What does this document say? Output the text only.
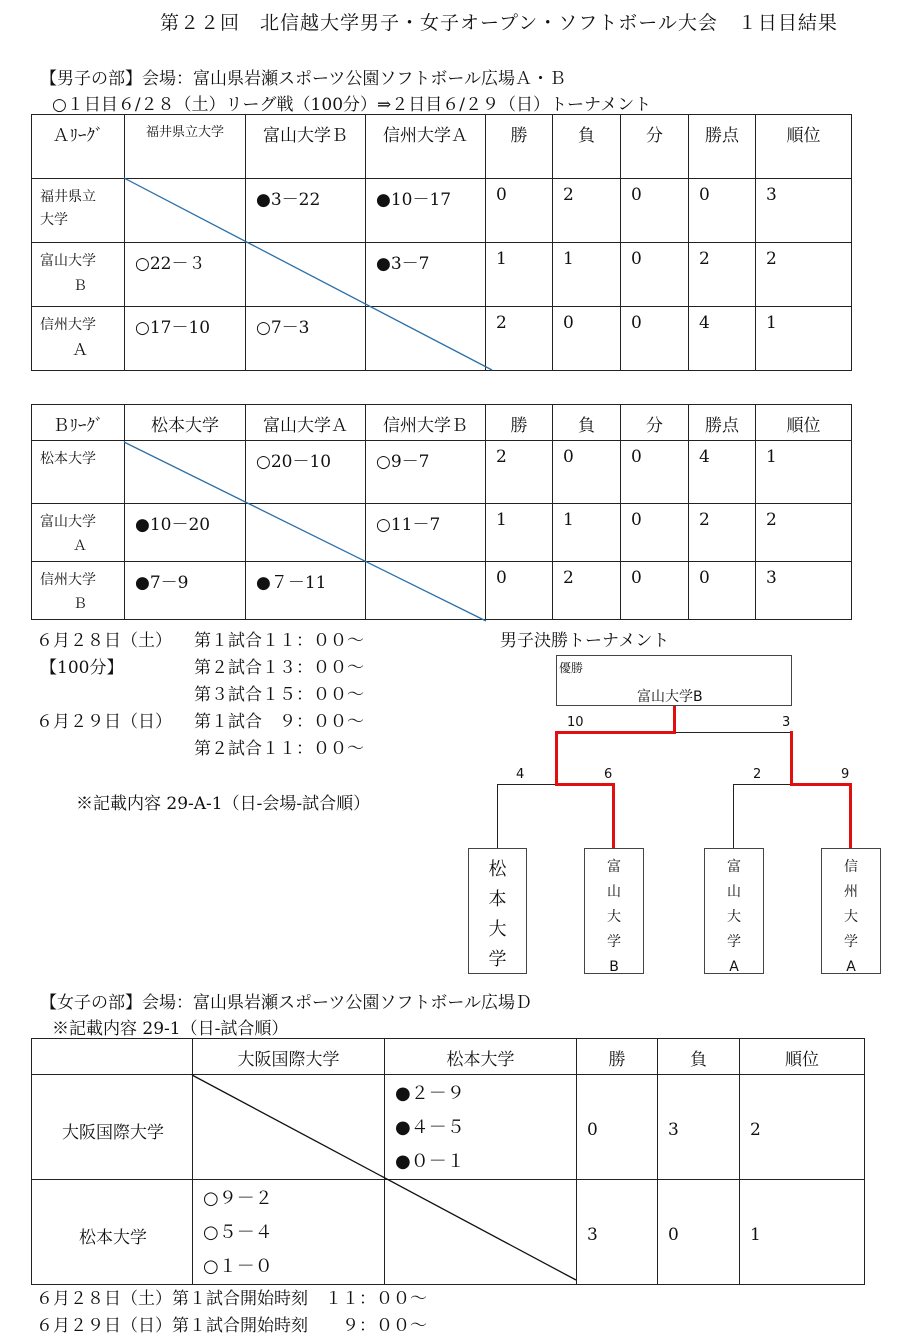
第２２回　北信越大学男子・女子オープン・ソフトボール大会　１日目結果
【男子の部】会場：富山県岩瀬スポーツ公園ソフトボール広場Ａ・Ｂ
○１日目６/２８（土）リーグ戦（100分）⇒２日目６/２９（日）トーナメント
Ａﾘｰｸﾞ	福井県立大学	富山大学Ｂ	信州大学Ａ	勝	負	分	勝点	順位

福井県立
大学		●3－22	●10－17	0	2	0	0	3

富山大学
Ｂ	○22－３		●3－7	1	1	0	2	2

信州大学
Ａ	○17－10	○7－3		2	0	0	4	1
Ｂﾘｰｸﾞ	松本大学	富山大学Ａ	信州大学Ｂ	勝	負	分	勝点	順位

松本大学		○20－10	○9－7	2	0	0	4	1

富山大学
Ａ	●10－20		○11－7	1	1	0	2	2

信州大学
Ｂ	●7－9	●７－11		0	2	0	0	3
６月２８日（土） 第１試合１１：００～
【100分】	第２試合１３：００～
第３試合１５：００～
６月２９日（日） 第１試合　９：００～
第２試合１１：００～
※記載内容 29-A-1（日-会場-試合順）
男子決勝トーナメント
優勝
富山大学B
10	3
4	6	2	9
松
本
大
学
富
山
大
学
B
富
山
大
学
A
信
州
大
学
A
【女子の部】会場：富山県岩瀬スポーツ公園ソフトボール広場Ｄ
※記載内容 29-1（日-試合順）
	大阪国際大学	松本大学	勝	負	順位
大阪国際大学		●２－９
●４－５
●０－１	0	3	2
松本大学	○９－２
○５－４
○１－０		3	0	1
６月２８日（土）第１試合開始時刻　１１：００～
６月２９日（日）第１試合開始時刻　　９：００～
